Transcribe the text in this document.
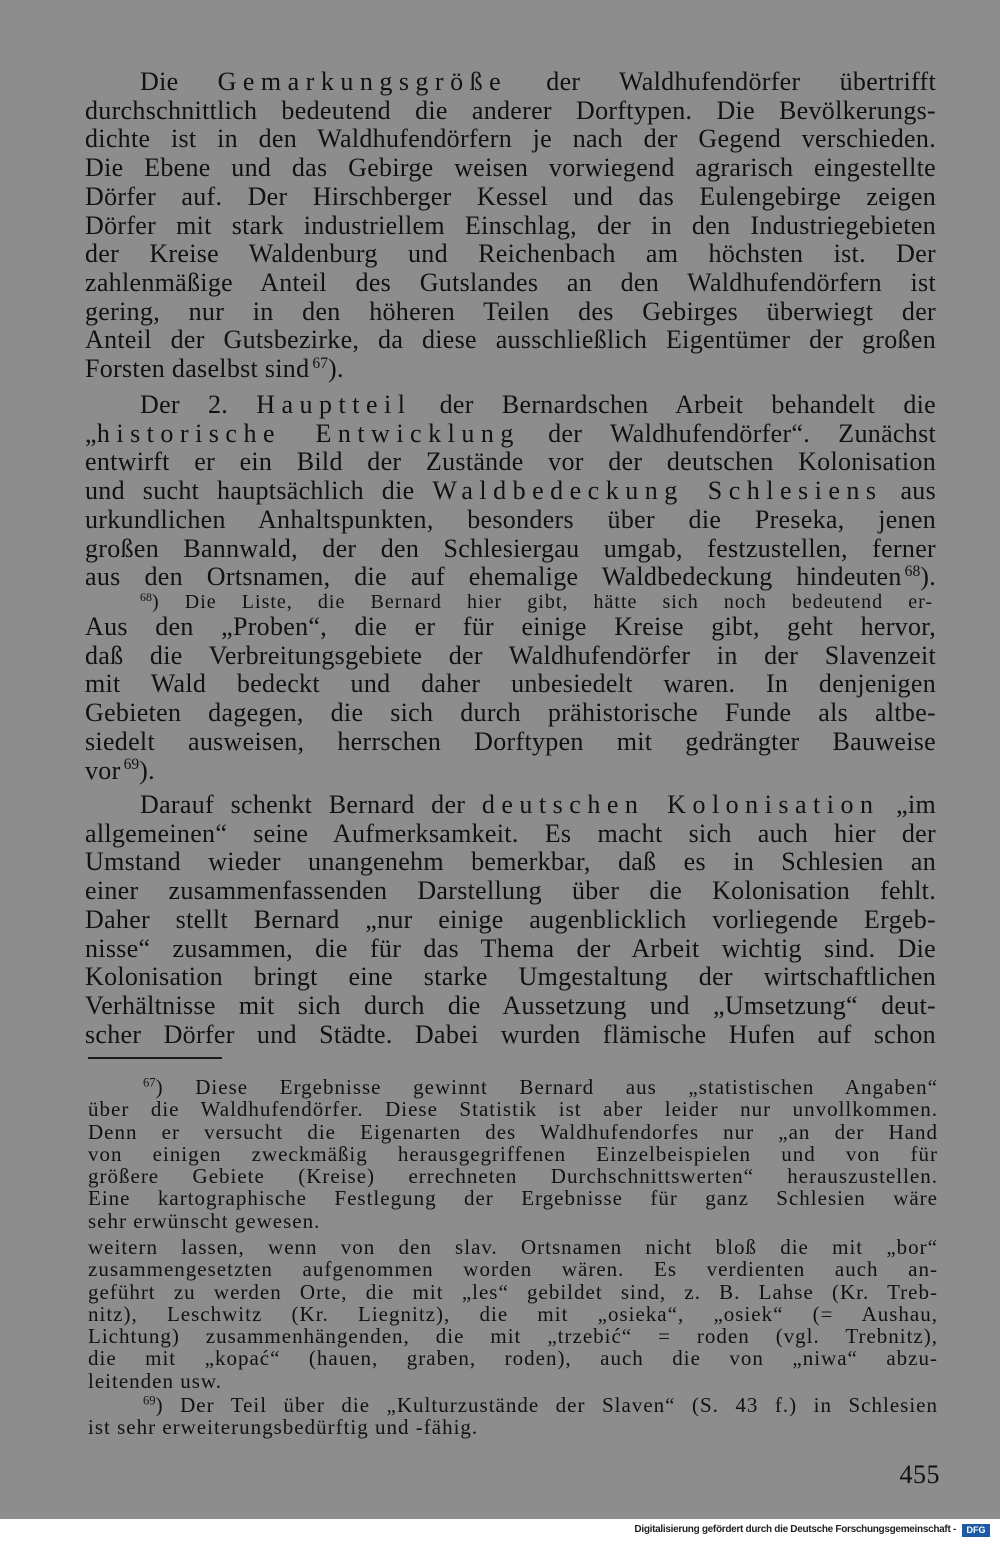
Die Gemarkungsgröße der Waldhufendörfer übertrifft
durchschnittlich bedeutend die anderer Dorftypen. Die Bevölkerungs-
dichte ist in den Waldhufendörfern je nach der Gegend verschieden.
Die Ebene und das Gebirge weisen vorwiegend agrarisch eingestellte
Dörfer auf. Der Hirschberger Kessel und das Eulengebirge zeigen
Dörfer mit stark industriellem Einschlag, der in den Industriegebieten
der Kreise Waldenburg und Reichenbach am höchsten ist. Der
zahlenmäßige Anteil des Gutslandes an den Waldhufendörfern ist
gering, nur in den höheren Teilen des Gebirges überwiegt der
Anteil der Gutsbezirke, da diese ausschließlich Eigentümer der großen
Forsten daselbst sind $^{67}$).
Der 2. Hauptteil der Bernardschen Arbeit behandelt die
„historische Entwicklung der Waldhufendörfer“. Zunächst
entwirft er ein Bild der Zustände vor der deutschen Kolonisation
und sucht hauptsächlich die Waldbedeckung Schlesiens aus
urkundlichen Anhaltspunkten, besonders über die Preseka, jenen
großen Bannwald, der den Schlesiergau umgab, festzustellen, ferner
aus den Ortsnamen, die auf ehemalige Waldbedeckung hindeuten $^{68}$).
$^{68}$) Die Liste, die Bernard hier gibt, hätte sich noch bedeutend er-
Aus den „Proben“, die er für einige Kreise gibt, geht hervor,
daß die Verbreitungsgebiete der Waldhufendörfer in der Slavenzeit
mit Wald bedeckt und daher unbesiedelt waren. In denjenigen
Gebieten dagegen, die sich durch prähistorische Funde als altbe-
siedelt ausweisen, herrschen Dorftypen mit gedrängter Bauweise
vor $^{69}$).
Darauf schenkt Bernard der deutschen Kolonisation „im
allgemeinen“ seine Aufmerksamkeit. Es macht sich auch hier der
Umstand wieder unangenehm bemerkbar, daß es in Schlesien an
einer zusammenfassenden Darstellung über die Kolonisation fehlt.
Daher stellt Bernard „nur einige augenblicklich vorliegende Ergeb-
nisse“ zusammen, die für das Thema der Arbeit wichtig sind. Die
Kolonisation bringt eine starke Umgestaltung der wirtschaftlichen
Verhältnisse mit sich durch die Aussetzung und „Umsetzung“ deut-
scher Dörfer und Städte. Dabei wurden flämische Hufen auf schon
$^{67}$) Diese Ergebnisse gewinnt Bernard aus „statistischen Angaben“
über die Waldhufendörfer. Diese Statistik ist aber leider nur unvollkommen.
Denn er versucht die Eigenarten des Waldhufendorfes nur „an der Hand
von einigen zweckmäßig herausgegriffenen Einzelbeispielen und von für
größere Gebiete (Kreise) errechneten Durchschnittswerten“ herauszustellen.
Eine kartographische Festlegung der Ergebnisse für ganz Schlesien wäre
sehr erwünscht gewesen.
weitern lassen, wenn von den slav. Ortsnamen nicht bloß die mit „bor“
zusammengesetzten aufgenommen worden wären. Es verdienten auch an-
geführt zu werden Orte, die mit „les“ gebildet sind, z. B. Lahse (Kr. Treb-
nitz), Leschwitz (Kr. Liegnitz), die mit „osieka“, „osiek“ (= Aushau,
Lichtung) zusammenhängenden, die mit „trzebić“ = roden (vgl. Trebnitz),
die mit „kopać“ (hauen, graben, roden), auch die von „niwa“ abzu-
leitenden usw.
$^{69}$) Der Teil über die „Kulturzustände der Slaven“ (S. 43 f.) in Schlesien
ist sehr erweiterungsbedürftig und -fähig.
455
Digitalisierung gefördert durch die Deutsche Forschungsgemeinschaft -	DFG
